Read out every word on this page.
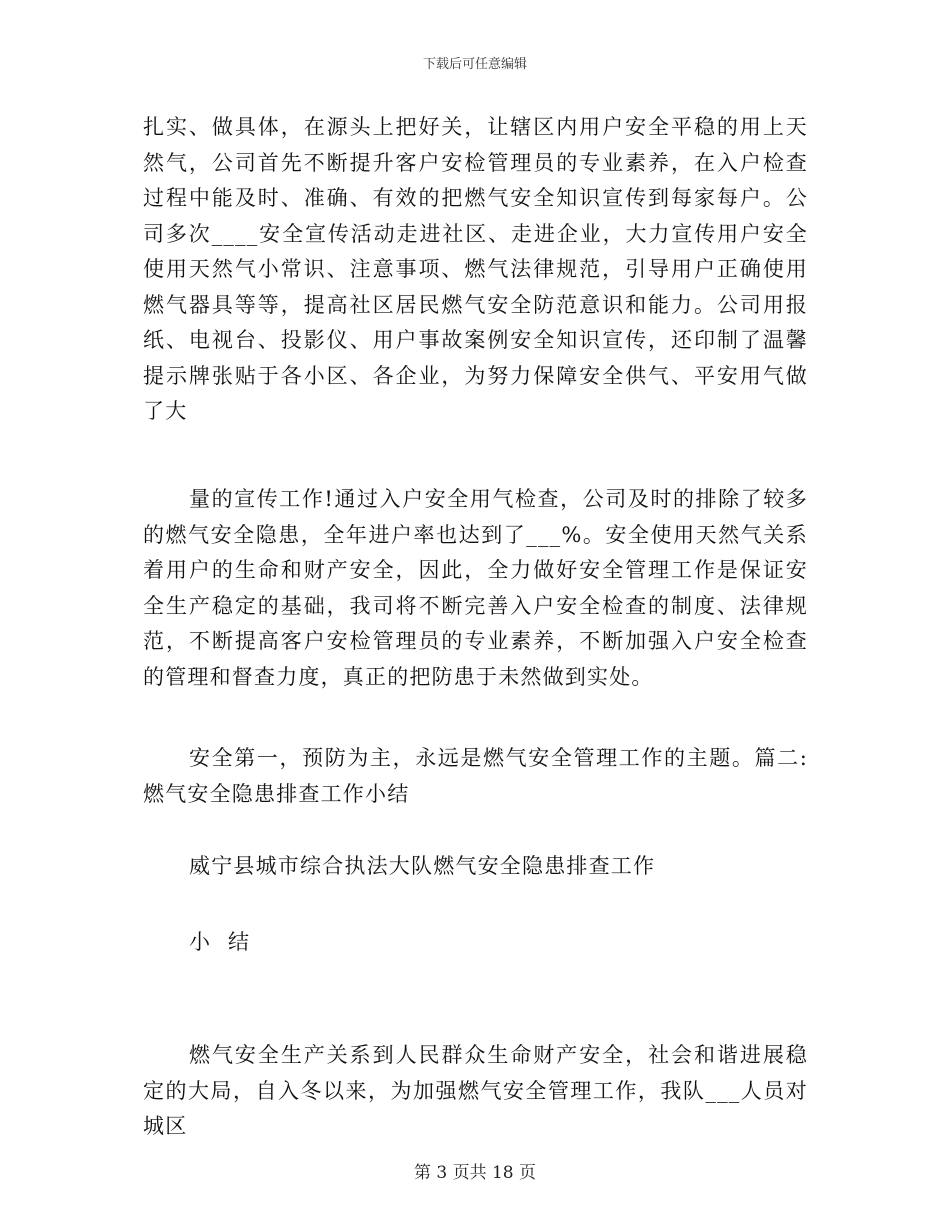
下载后可任意编辑

扎实、做具体，在源头上把好关，让辖区内用户安全平稳的用上天然气，公司首先不断提升客户安检管理员的专业素养，在入户检查过程中能及时、准确、有效的把燃气安全知识宣传到每家每户。公司多次____安全宣传活动走进社区、走进企业，大力宣传用户安全使用天然气小常识、注意事项、燃气法律规范，引导用户正确使用燃气器具等等，提高社区居民燃气安全防范意识和能力。公司用报纸、电视台、投影仪、用户事故案例安全知识宣传，还印制了温馨提示牌张贴于各小区、各企业，为努力保障安全供气、平安用气做了大

量的宣传工作!通过入户安全用气检查，公司及时的排除了较多的燃气安全隐患，全年进户率也达到了___%。安全使用天然气关系着用户的生命和财产安全，因此，全力做好安全管理工作是保证安全生产稳定的基础，我司将不断完善入户安全检查的制度、法律规范，不断提高客户安检管理员的专业素养，不断加强入户安全检查的管理和督查力度，真正的把防患于未然做到实处。

安全第一，预防为主，永远是燃气安全管理工作的主题。篇二:燃气安全隐患排查工作小结

威宁县城市综合执法大队燃气安全隐患排查工作

小 结

燃气安全生产关系到人民群众生命财产安全，社会和谐进展稳定的大局，自入冬以来，为加强燃气安全管理工作，我队___人员对城区

第 3 页共 18 页
